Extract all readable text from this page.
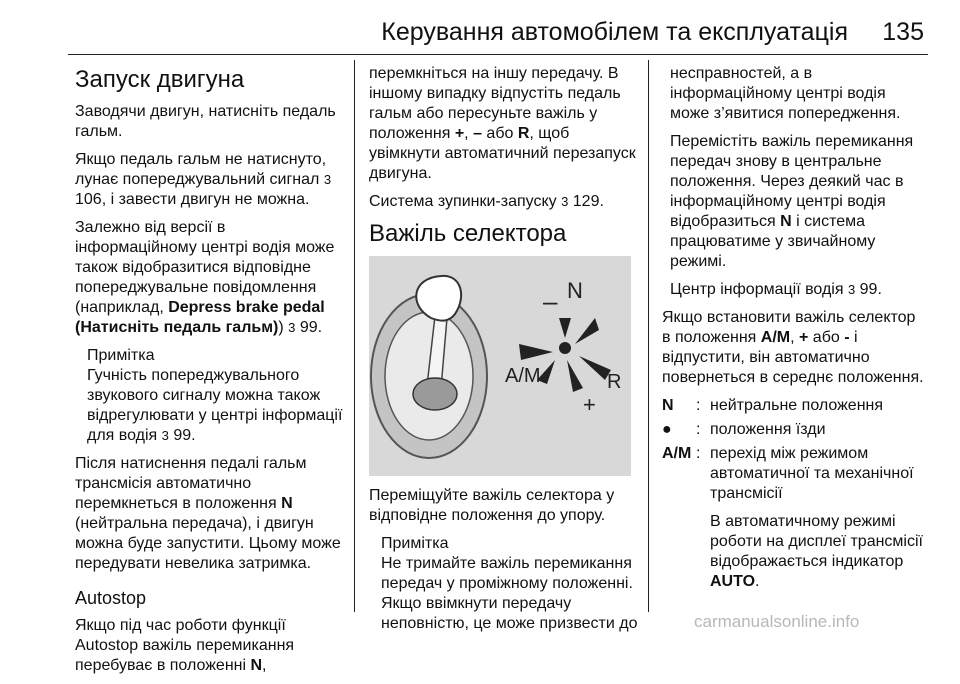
Керування автомобілем та експлуатація 135
Запуск двигуна

Заводячи двигун, натисніть педаль гальм.

Якщо педаль гальм не натиснуто, лунає попереджувальний сигнал 3 106, і завести двигун не можна.

Залежно від версії в інформаційному центрі водія може також відобразитися відповідне попереджувальне повідомлення (наприклад, Depress brake pedal (Натисніть педаль гальм)) 3 99.

Примітка

Гучність попереджувального звукового сигналу можна також відрегулювати у центрі інформації для водія 3 99.

Після натиснення педалі гальм трансмісія автоматично перемкнеться в положення N (нейтральна передача), і двигун можна буде запустити. Цьому може передувати невелика затримка.

Autostop

Якщо під час роботи функції Autostop важіль перемикання перебуває в положенні N,

перемкніться на іншу передачу. В іншому випадку відпустіть педаль гальм або пересуньте важіль у положення +, – або R, щоб увімкнути автоматичний перезапуск двигуна.

Система зупинки-запуску 3 129.

Важіль селектора
– N
A/M
+
R

Переміщуйте важіль селектора у відповідне положення до упору.

Примітка

Не тримайте важіль перемикання передач у проміжному положенні. Якщо ввімкнути передачу неповністю, це може призвести до

несправностей, а в інформаційному центрі водія може з’явитися попередження.

Перемістіть важіль перемикання передач знову в центральне положення. Через деякий час в інформаційному центрі водія відобразиться N і система працюватиме у звичайному режимі.

Центр інформації водія 3 99.

Якщо встановити важіль селектор в положення A/M, + або - і відпустити, він автоматично повернеться в середнє положення.

N	:	нейтральне положення
●	:	положення їзди
A/M	:	перехід між режимом автоматичної та механічної трансмісії
В автоматичному режимі роботи на дисплеї трансмісії відображається індикатор AUTO.
carmanualsonline.info
